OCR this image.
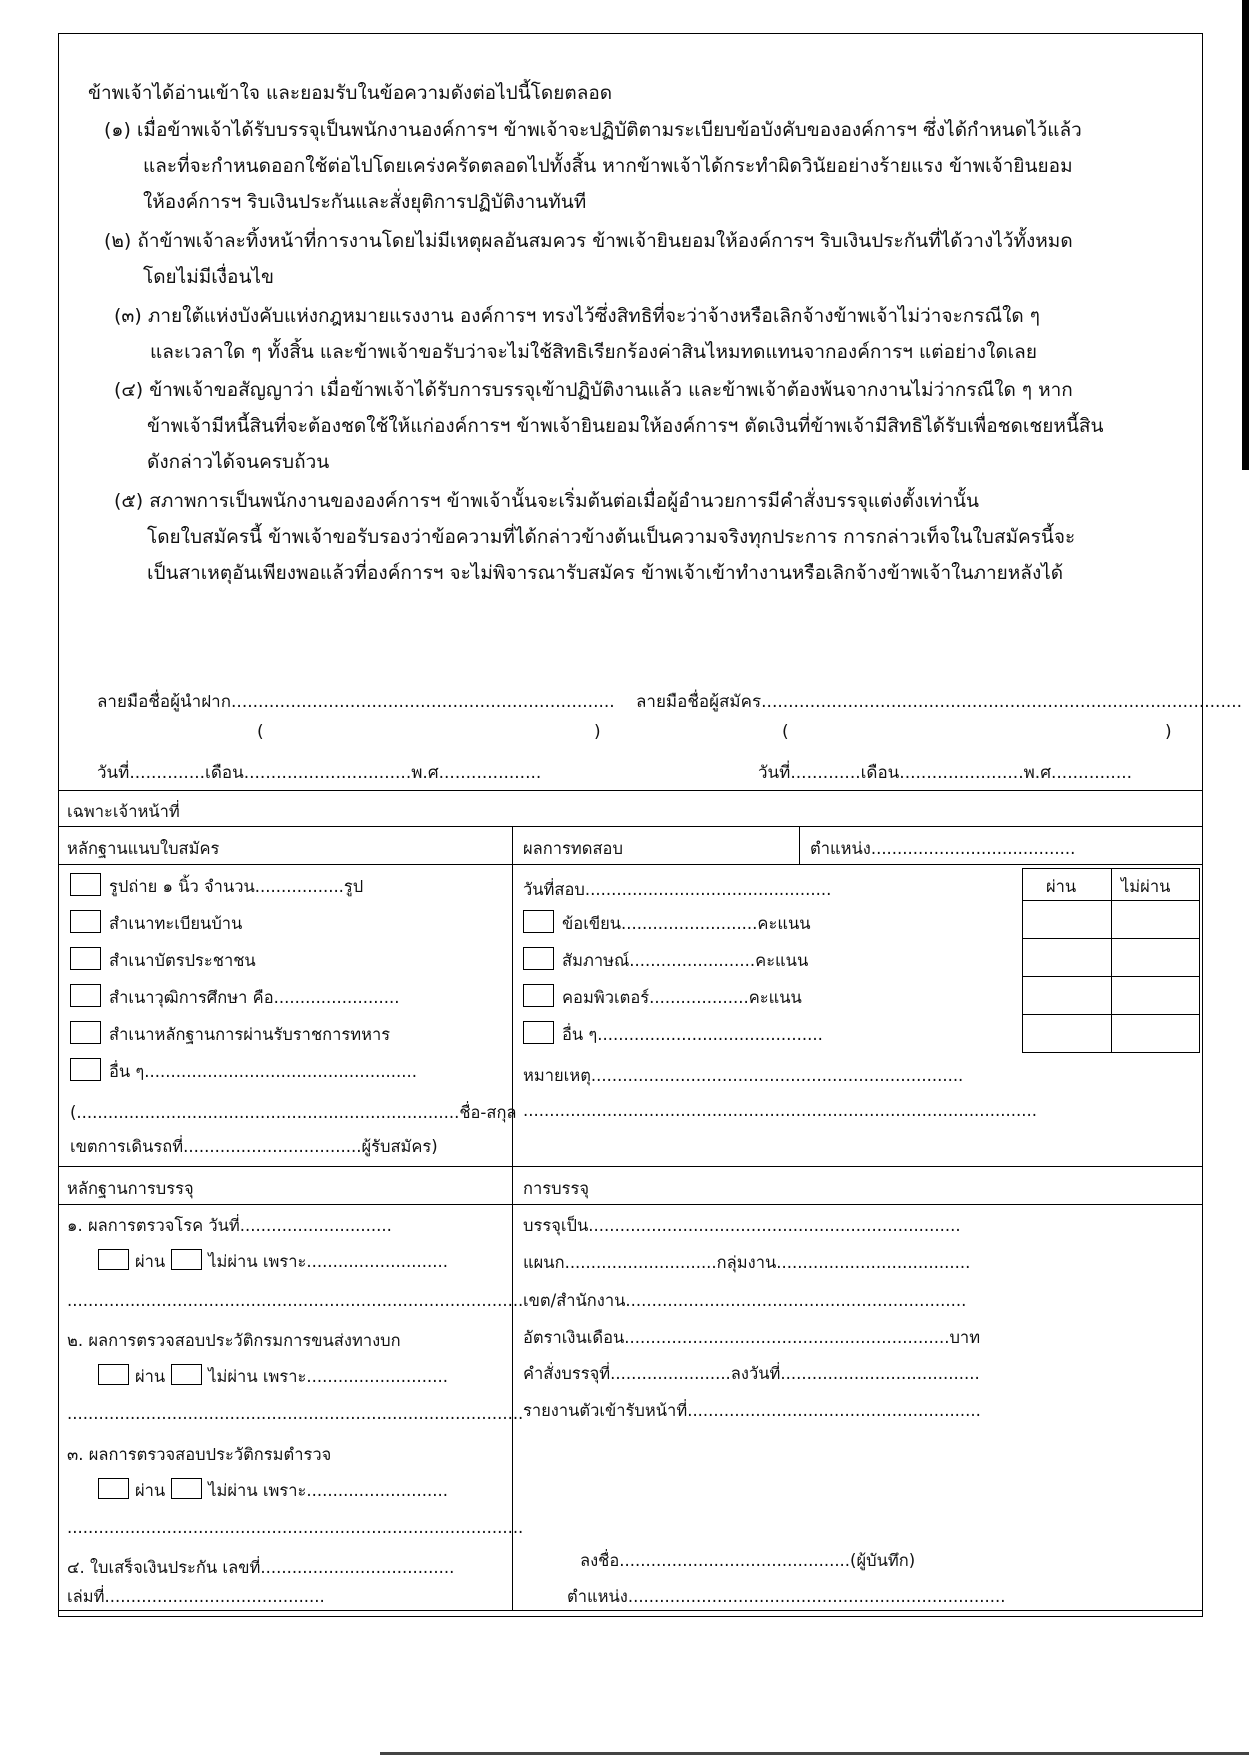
ข้าพเจ้าได้อ่านเข้าใจ และยอมรับในข้อความดังต่อไปนี้โดยตลอด
(๑) เมื่อข้าพเจ้าได้รับบรรจุเป็นพนักงานองค์การฯ ข้าพเจ้าจะปฏิบัติตามระเบียบข้อบังคับขององค์การฯ ซึ่งได้กำหนดไว้แล้ว
และที่จะกำหนดออกใช้ต่อไปโดยเคร่งครัดตลอดไปทั้งสิ้น หากข้าพเจ้าได้กระทำผิดวินัยอย่างร้ายแรง ข้าพเจ้ายินยอม
ให้องค์การฯ ริบเงินประกันและสั่งยุติการปฏิบัติงานทันที
(๒) ถ้าข้าพเจ้าละทิ้งหน้าที่การงานโดยไม่มีเหตุผลอันสมควร ข้าพเจ้ายินยอมให้องค์การฯ ริบเงินประกันที่ได้วางไว้ทั้งหมด
โดยไม่มีเงื่อนไข
(๓) ภายใต้แห่งบังคับแห่งกฎหมายแรงงาน องค์การฯ ทรงไว้ซึ่งสิทธิที่จะว่าจ้างหรือเลิกจ้างข้าพเจ้าไม่ว่าจะกรณีใด ๆ
และเวลาใด ๆ ทั้งสิ้น และข้าพเจ้าขอรับว่าจะไม่ใช้สิทธิเรียกร้องค่าสินไหมทดแทนจากองค์การฯ แต่อย่างใดเลย
(๔) ข้าพเจ้าขอสัญญาว่า เมื่อข้าพเจ้าได้รับการบรรจุเข้าปฏิบัติงานแล้ว และข้าพเจ้าต้องพ้นจากงานไม่ว่ากรณีใด ๆ หาก
ข้าพเจ้ามีหนี้สินที่จะต้องชดใช้ให้แก่องค์การฯ ข้าพเจ้ายินยอมให้องค์การฯ ตัดเงินที่ข้าพเจ้ามีสิทธิได้รับเพื่อชดเชยหนี้สิน
ดังกล่าวได้จนครบถ้วน
(๕) สภาพการเป็นพนักงานขององค์การฯ ข้าพเจ้านั้นจะเริ่มต้นต่อเมื่อผู้อำนวยการมีคำสั่งบรรจุแต่งตั้งเท่านั้น
โดยใบสมัครนี้ ข้าพเจ้าขอรับรองว่าข้อความที่ได้กล่าวข้างต้นเป็นความจริงทุกประการ การกล่าวเท็จในใบสมัครนี้จะ
เป็นสาเหตุอันเพียงพอแล้วที่องค์การฯ จะไม่พิจารณารับสมัคร ข้าพเจ้าเข้าทำงานหรือเลิกจ้างข้าพเจ้าในภายหลังได้
ลายมือชื่อผู้นำฝาก....................................................................... ลายมือชื่อผู้สมัคร.........................................................................................
(	)	(	)
วันที่..............เดือน...............................พ.ศ...................	วันที่.............เดือน.......................พ.ศ...............
เฉพาะเจ้าหน้าที่
หลักฐานแนบใบสมัคร	ผลการทดสอบ	ตำแหน่ง.......................................
รูปถ่าย ๑ นิ้ว จำนวน.................รูป
สำเนาทะเบียนบ้าน
สำเนาบัตรประชาชน
สำเนาวุฒิการศึกษา คือ........................
สำเนาหลักฐานการผ่านรับราชการทหาร
อื่น ๆ....................................................
(.........................................................................ชื่อ-สกุล
เขตการเดินรถที่..................................ผู้รับสมัคร)
วันที่สอบ...............................................
ข้อเขียน..........................คะแนน
สัมภาษณ์........................คะแนน
คอมพิวเตอร์...................คะแนน
อื่น ๆ...........................................
หมายเหตุ.......................................................................
..................................................................................................
ผ่าน	ไม่ผ่าน
หลักฐานการบรรจุ	การบรรจุ
๑. ผลการตรวจโรค วันที่.............................
ผ่าน	ไม่ผ่าน เพราะ...........................
.......................................................................................
๒. ผลการตรวจสอบประวัติกรมการขนส่งทางบก
ผ่าน	ไม่ผ่าน เพราะ...........................
.......................................................................................
๓. ผลการตรวจสอบประวัติกรมตำรวจ
ผ่าน	ไม่ผ่าน เพราะ...........................
.......................................................................................
๔. ใบเสร็จเงินประกัน เลขที่.....................................
เล่มที่..........................................
บรรจุเป็น.......................................................................
แผนก.............................กลุ่มงาน.....................................
เขต/สำนักงาน.................................................................
อัตราเงินเดือน..............................................................บาท
คำสั่งบรรจุที่.......................ลงวันที่......................................
รายงานตัวเข้ารับหน้าที่........................................................
ลงชื่อ............................................(ผู้บันทึก)
ตำแหน่ง........................................................................
